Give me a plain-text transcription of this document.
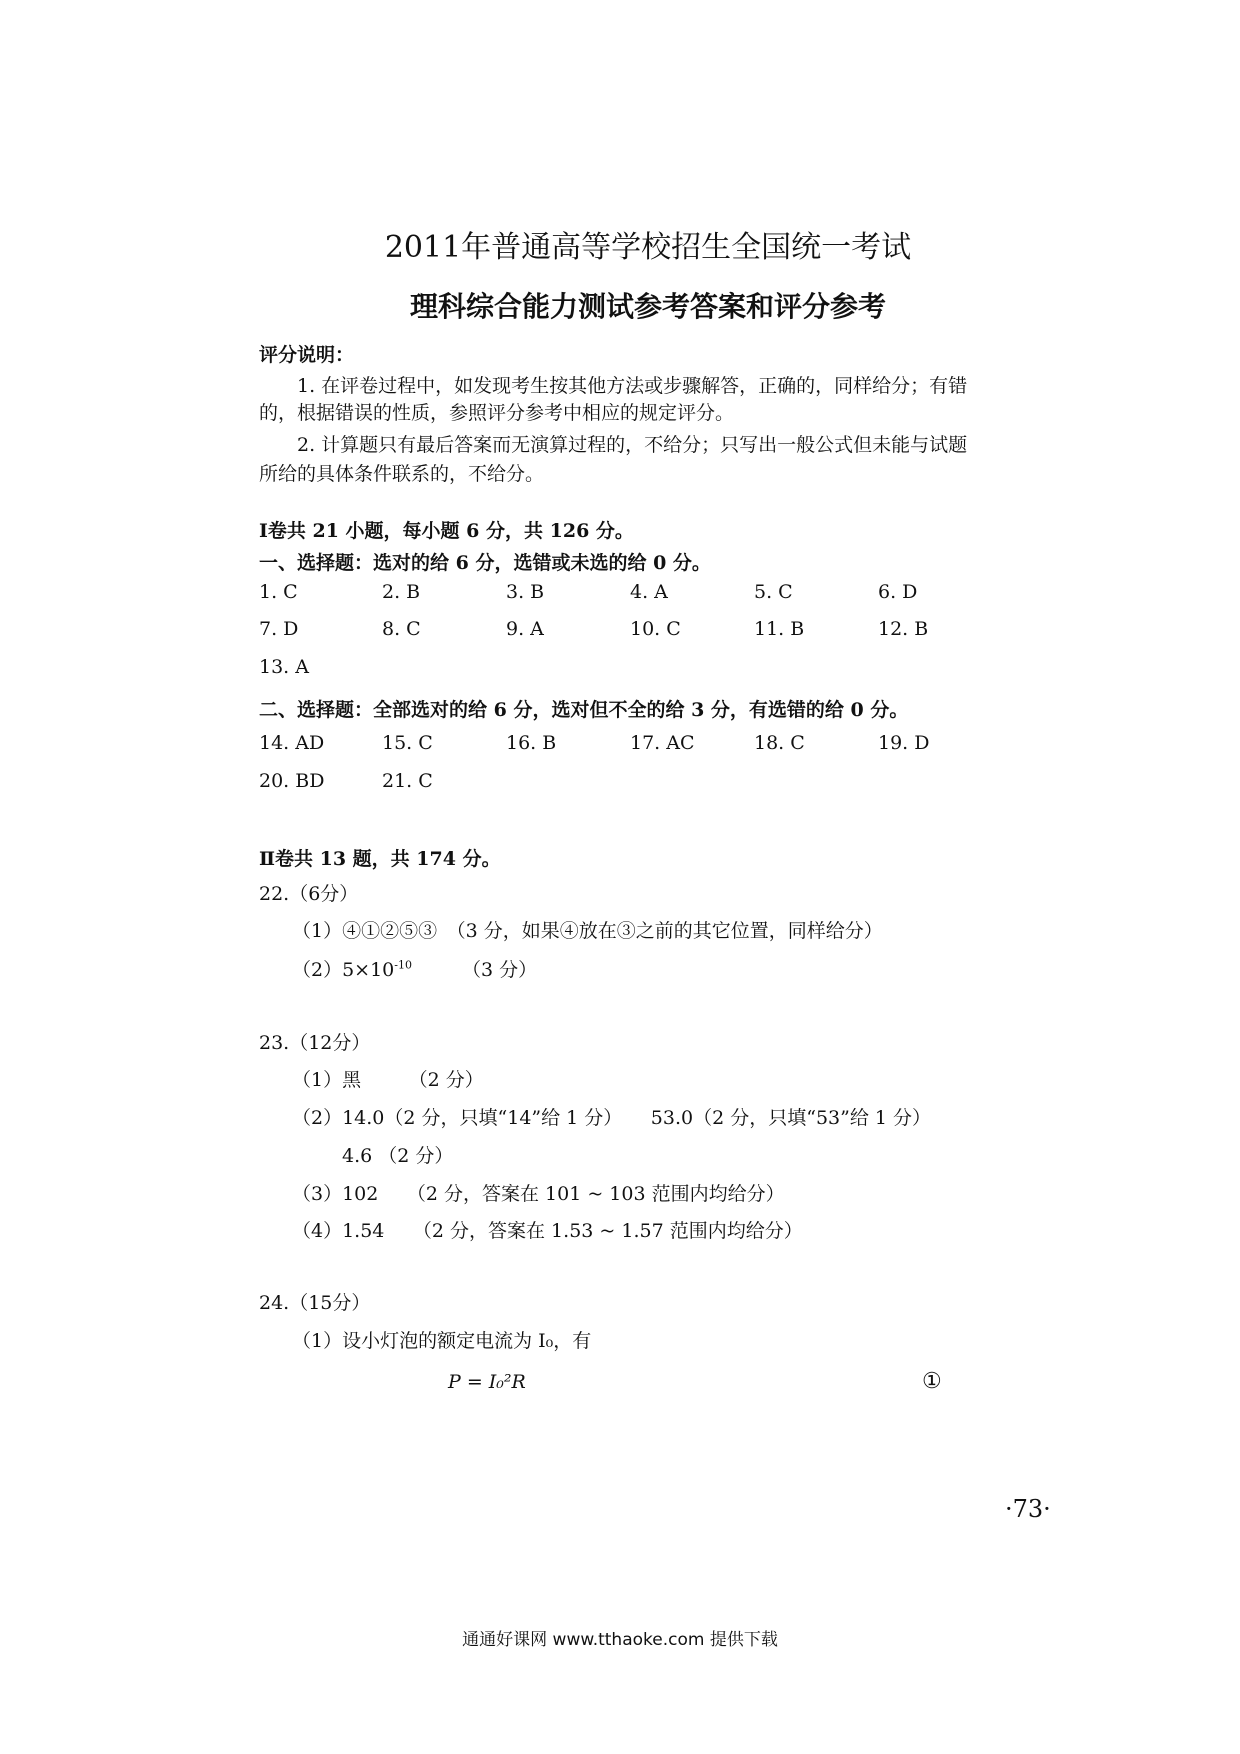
2011年普通高等学校招生全国统一考试
理科综合能力测试参考答案和评分参考
评分说明：
1. 在评卷过程中，如发现考生按其他方法或步骤解答，正确的，同样给分；有错
的，根据错误的性质，参照评分参考中相应的规定评分。
2. 计算题只有最后答案而无演算过程的，不给分；只写出一般公式但未能与试题
所给的具体条件联系的，不给分。
Ⅰ卷共 21 小题，每小题 6 分，共 126 分。
一、选择题：选对的给 6 分，选错或未选的给 0 分。
1. C	2. B	3. B	4. A	5. C	6. D
7. D	8. C	9. A	10. C	11. B	12. B
13. A
二、选择题：全部选对的给 6 分，选对但不全的给 3 分，有选错的给 0 分。
14. AD	15. C	16. B	17. AC	18. C	19. D
20. BD	21. C
Ⅱ卷共 13 题，共 174 分。
22.（6分）
（1）④①②⑤③　（3 分，如果④放在③之前的其它位置，同样给分）
$(2)5\times 10^{-10}$	（3 分）
23.（12分）
（1）黑　　　（2 分）
（2）14.0（2 分，只填“14”给 1 分）　　53.0（2 分，只填“53”给 1 分）
4.6 （2 分）
（3）102　　（2 分，答案在 101 ~ 103 范围内均给分）
（4）1.54　　（2 分，答案在 1.53 ~ 1.57 范围内均给分）
24.（15分）
（1）设小灯泡的额定电流为 I₀，有
P = I₀²R	①
·73·
通通好课网 www.tthaoke.com 提供下载
